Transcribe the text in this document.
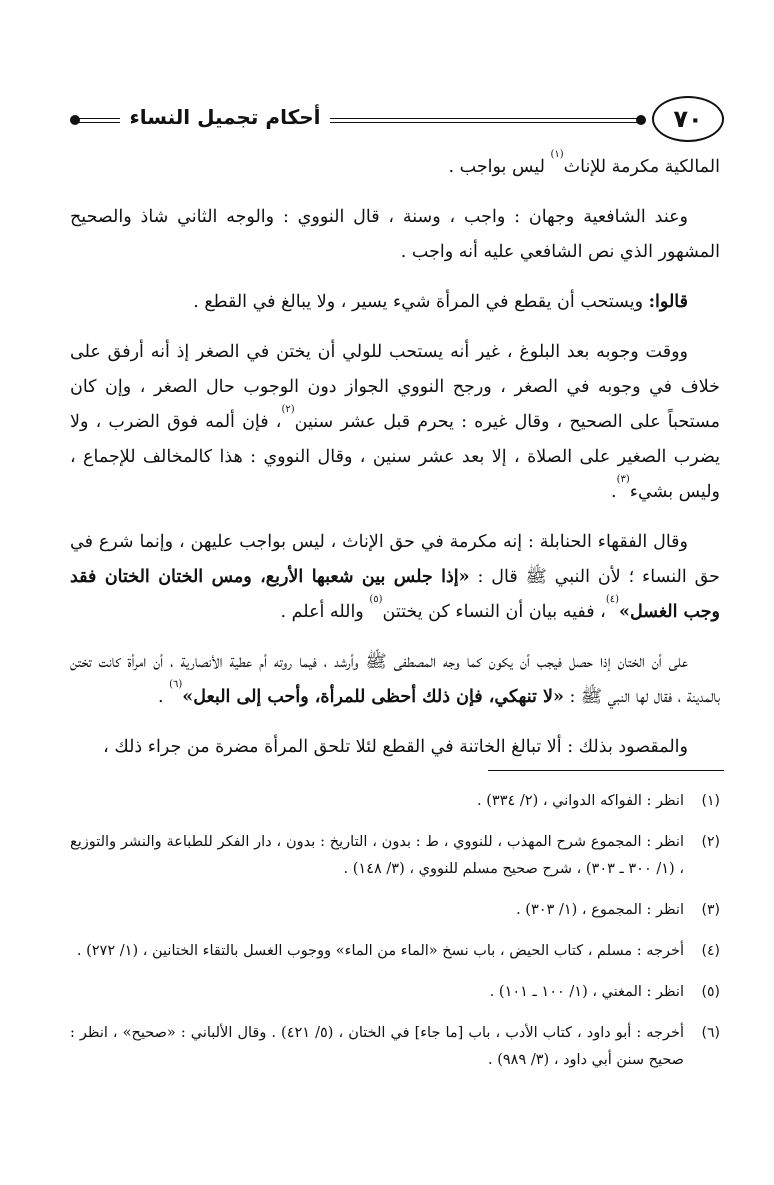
أحكام تجميل النساء	٧٠

المالكية مكرمة للإناث$^{(١)}$ ليس بواجب .

وعند الشافعية وجهان : واجب ، وسنة ، قال النووي : والوجه الثاني شاذ والصحيح المشهور الذي نص الشافعي عليه أنه واجب .

قالوا: ويستحب أن يقطع في المرأة شيء يسير ، ولا يبالغ في القطع .

ووقت وجوبه بعد البلوغ ، غير أنه يستحب للولي أن يختن في الصغر إذ أنه أرفق على خلاف في وجوبه في الصغر ، ورجح النووي الجواز دون الوجوب حال الصغر ، وإن كان مستحباً على الصحيح ، وقال غيره : يحرم قبل عشر سنين$^{(٢)}$، فإن ألمه فوق الضرب ، ولا يضرب الصغير على الصلاة ، إلا بعد عشر سنين ، وقال النووي : هذا كالمخالف للإجماع ، وليس بشيء$^{(٣)}$.

وقال الفقهاء الحنابلة : إنه مكرمة في حق الإناث ، ليس بواجب عليهن ، وإنما شرع في حق النساء ؛ لأن النبي ﷺ قال : «إذا جلس بين شعبها الأربع، ومس الختان الختان فقد وجب الغسل»$^{(٤)}$، ففيه بيان أن النساء كن يختتن$^{(٥)}$ والله أعلم .

على أن الختان إذا حصل فيجب أن يكون كما وجه المصطفى ﷺ وأرشد ، فيما روته أم عطية الأنصارية ، أن امرأة كانت تختن بالمدينة ، فقال لها النبي ﷺ : «لا تنهكي، فإن ذلك أحظى للمرأة، وأحب إلى البعل»$^{(٦)}$ .

والمقصود بذلك : ألا تبالغ الخاتنة في القطع لئلا تلحق المرأة مضرة من جراء ذلك ،

(١)
انظر : الفواكه الدواني ، (٢/ ٣٣٤) .
(٢)
انظر : المجموع شرح المهذب ، للنووي ، ط : بدون ، التاريخ : بدون ، دار الفكر للطباعة والنشر والتوزيع ، (١/ ٣٠٠ ـ ٣٠٣) ، شرح صحيح مسلم للنووي ، (٣/ ١٤٨) .
(٣)
انظر : المجموع ، (١/ ٣٠٣) .
(٤)
أخرجه : مسلم ، كتاب الحيض ، باب نسخ «الماء من الماء» ووجوب الغسل بالتقاء الختانين ، (١/ ٢٧٢) .
(٥)
انظر : المغني ، (١/ ١٠٠ ـ ١٠١) .
(٦)
أخرجه : أبو داود ، كتاب الأدب ، باب [ما جاء] في الختان ، (٥/ ٤٢١) . وقال الألباني : «صحيح» ، انظر : صحيح سنن أبي داود ، (٣/ ٩٨٩) .
